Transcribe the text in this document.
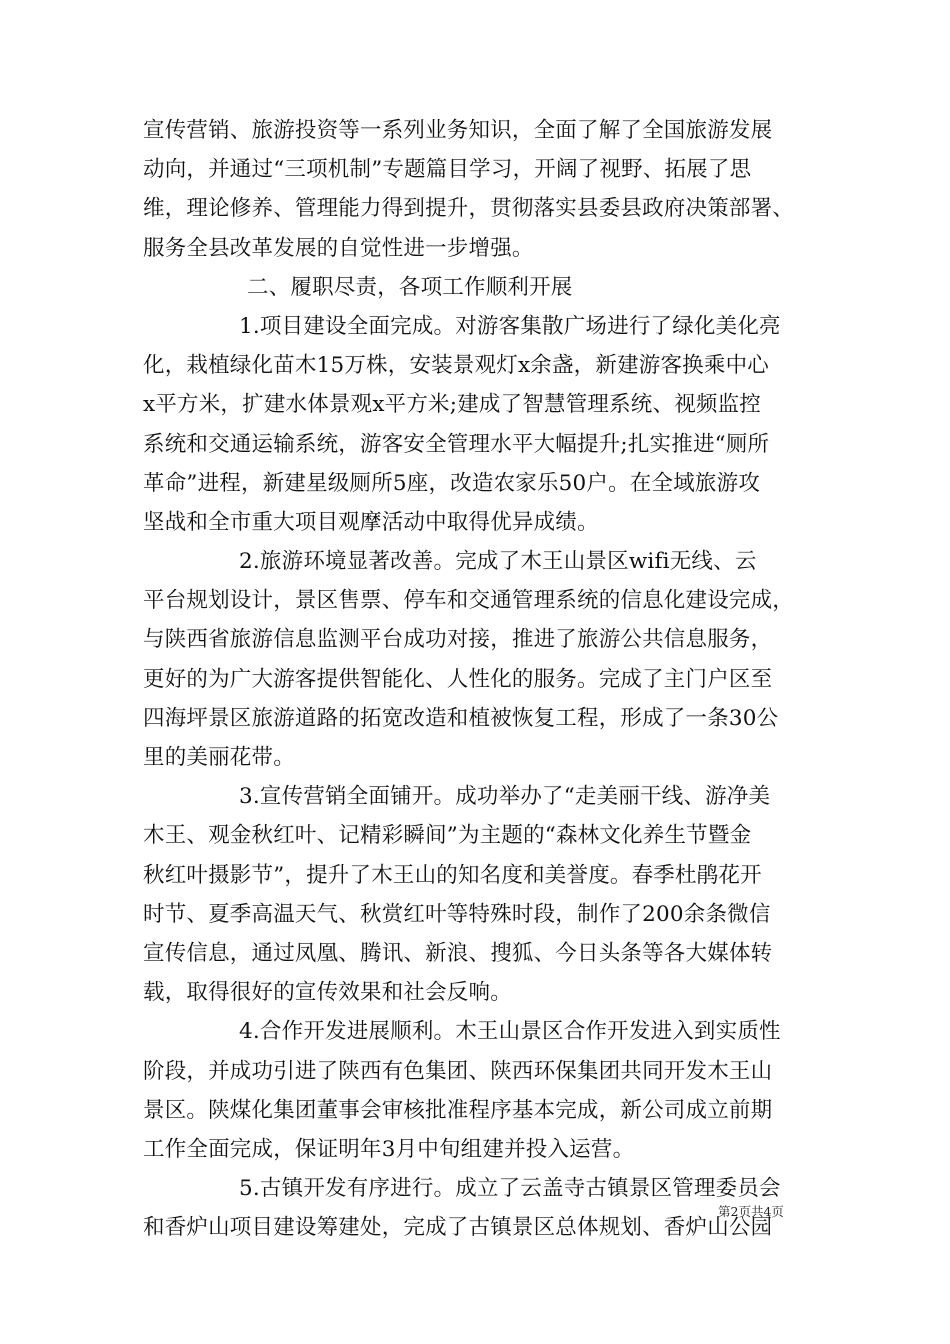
宣传营销、旅游投资等一系列业务知识，全面了解了全国旅游发展
动向，并通过“三项机制”专题篇目学习，开阔了视野、拓展了思
维，理论修养、管理能力得到提升，贯彻落实县委县政府决策部署、
服务全县改革发展的自觉性进一步增强。
二、履职尽责，各项工作顺利开展
1.项目建设全面完成。对游客集散广场进行了绿化美化亮
化，栽植绿化苗木15万株，安装景观灯x余盏，新建游客换乘中心
x平方米，扩建水体景观x平方米;建成了智慧管理系统、视频监控
系统和交通运输系统，游客安全管理水平大幅提升;扎实推进“厕所
革命”进程，新建星级厕所5座，改造农家乐50户。在全域旅游攻
坚战和全市重大项目观摩活动中取得优异成绩。
2.旅游环境显著改善。完成了木王山景区wifi无线、云
平台规划设计，景区售票、停车和交通管理系统的信息化建设完成，
与陕西省旅游信息监测平台成功对接，推进了旅游公共信息服务，
更好的为广大游客提供智能化、人性化的服务。完成了主门户区至
四海坪景区旅游道路的拓宽改造和植被恢复工程，形成了一条30公
里的美丽花带。
3.宣传营销全面铺开。成功举办了“走美丽干线、游净美
木王、观金秋红叶、记精彩瞬间”为主题的“森林文化养生节暨金
秋红叶摄影节”，提升了木王山的知名度和美誉度。春季杜鹃花开
时节、夏季高温天气、秋赏红叶等特殊时段，制作了200余条微信
宣传信息，通过凤凰、腾讯、新浪、搜狐、今日头条等各大媒体转
载，取得很好的宣传效果和社会反响。
4.合作开发进展顺利。木王山景区合作开发进入到实质性
阶段，并成功引进了陕西有色集团、陕西环保集团共同开发木王山
景区。陕煤化集团董事会审核批准程序基本完成，新公司成立前期
工作全面完成，保证明年3月中旬组建并投入运营。
5.古镇开发有序进行。成立了云盖寺古镇景区管理委员会
和香炉山项目建设筹建处，完成了古镇景区总体规划、香炉山公园
第2页共4页
